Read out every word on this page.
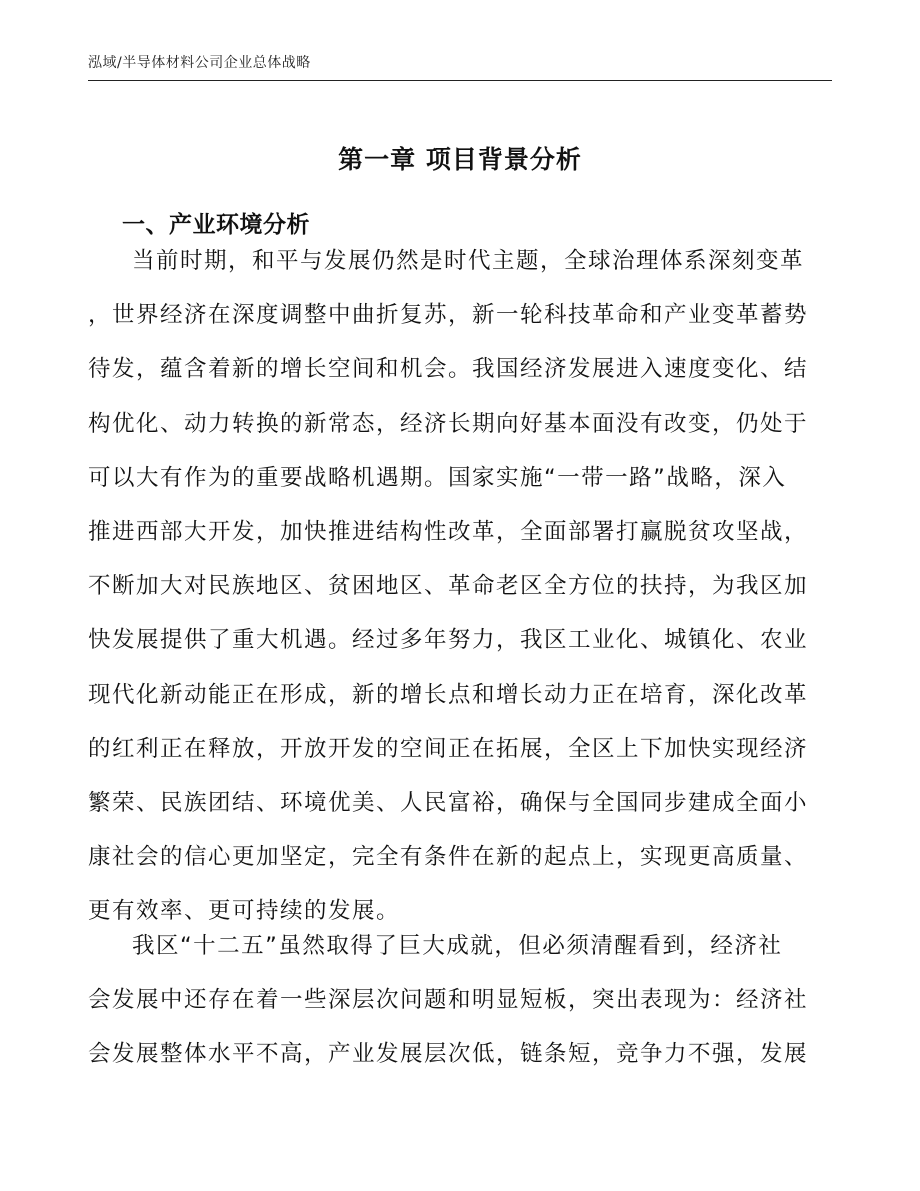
泓域/半导体材料公司企业总体战略
第一章 项目背景分析
一、产业环境分析
当前时期，和平与发展仍然是时代主题，全球治理体系深刻变革
，世界经济在深度调整中曲折复苏，新一轮科技革命和产业变革蓄势
待发，蕴含着新的增长空间和机会。我国经济发展进入速度变化、结
构优化、动力转换的新常态，经济长期向好基本面没有改变，仍处于
可以大有作为的重要战略机遇期。国家实施“一带一路”战略，深入
推进西部大开发，加快推进结构性改革，全面部署打赢脱贫攻坚战，
不断加大对民族地区、贫困地区、革命老区全方位的扶持，为我区加
快发展提供了重大机遇。经过多年努力，我区工业化、城镇化、农业
现代化新动能正在形成，新的增长点和增长动力正在培育，深化改革
的红利正在释放，开放开发的空间正在拓展，全区上下加快实现经济
繁荣、民族团结、环境优美、人民富裕，确保与全国同步建成全面小
康社会的信心更加坚定，完全有条件在新的起点上，实现更高质量、
更有效率、更可持续的发展。
我区“十二五”虽然取得了巨大成就，但必须清醒看到，经济社
会发展中还存在着一些深层次问题和明显短板，突出表现为：经济社
会发展整体水平不高，产业发展层次低，链条短，竞争力不强，发展
